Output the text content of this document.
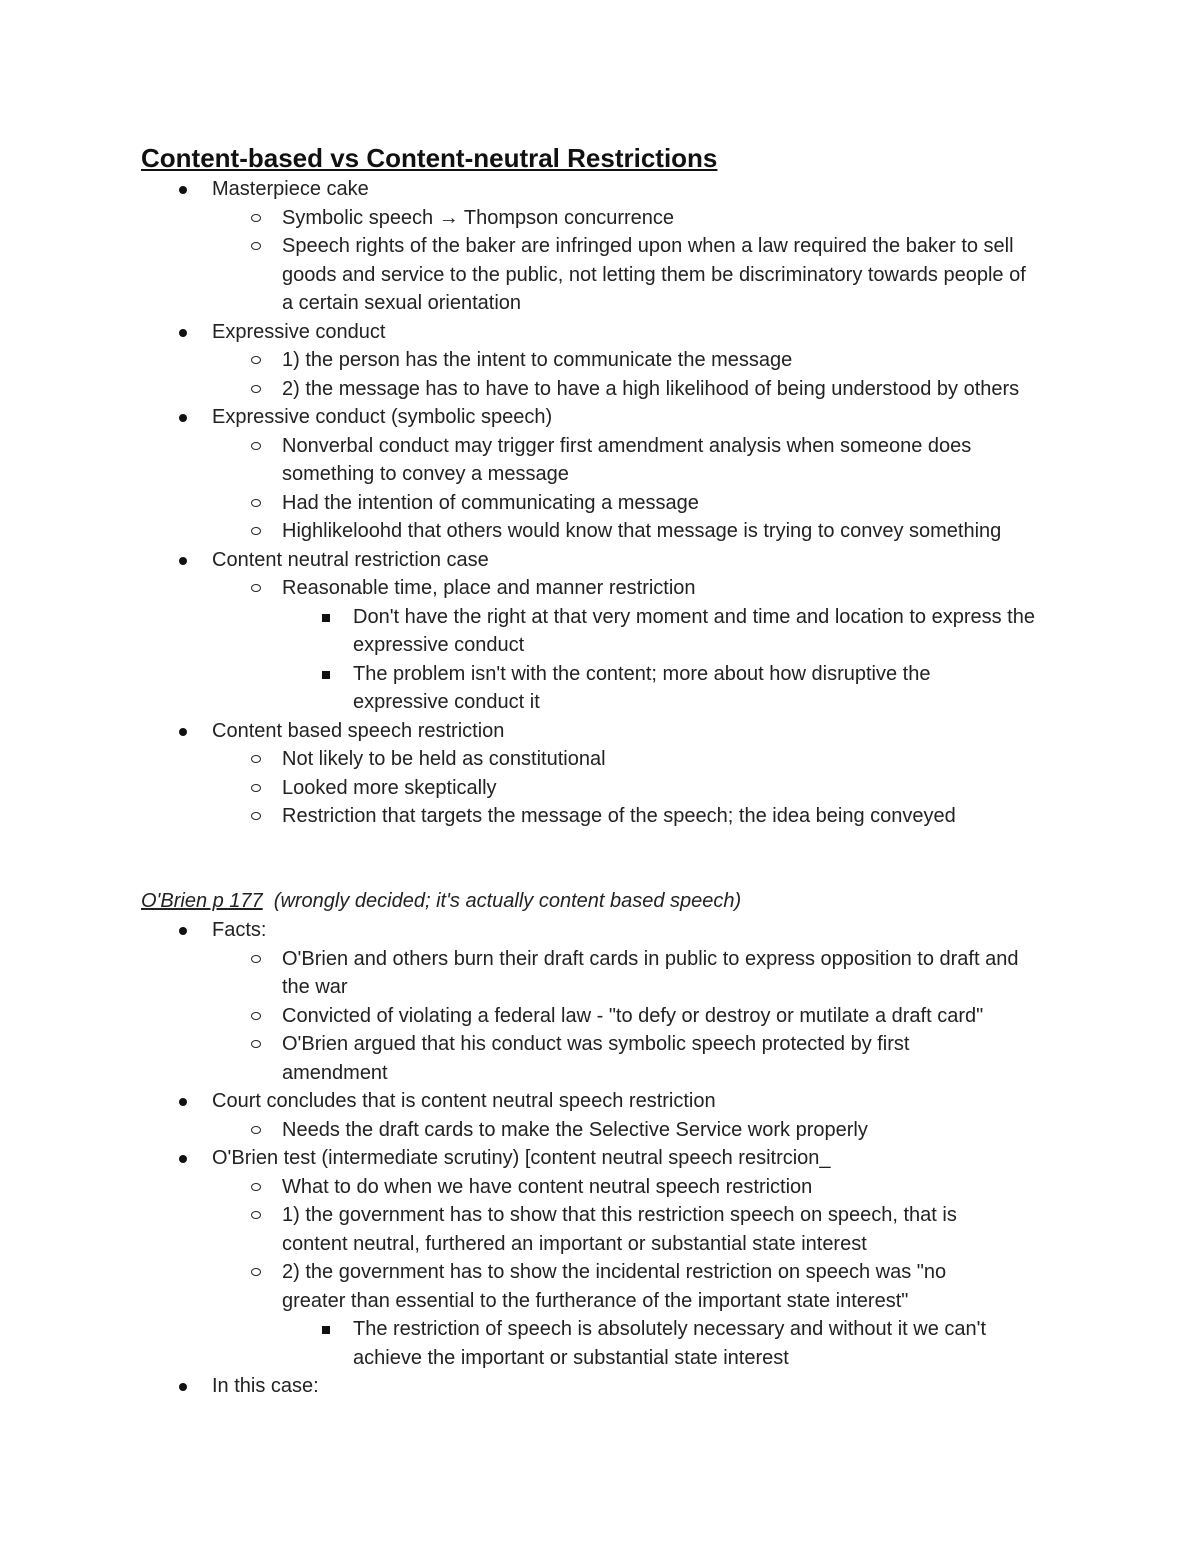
Content-based vs Content-neutral Restrictions
Masterpiece cake
Symbolic speech → Thompson concurrence
Speech rights of the baker are infringed upon when a law required the baker to sell goods and service to the public, not letting them be discriminatory towards people of a certain sexual orientation
Expressive conduct
1) the person has the intent to communicate the message
2) the message has to have to have a high likelihood of being understood by others
Expressive conduct (symbolic speech)
Nonverbal conduct may trigger first amendment analysis when someone does something to convey a message
Had the intention of communicating a message
Highlikeloohd that others would know that message is trying to convey something
Content neutral restriction case
Reasonable time, place and manner restriction
Don't have the right at that very moment and time and location to express the expressive conduct
The problem isn't with the content; more about how disruptive the expressive conduct it
Content based speech restriction
Not likely to be held as constitutional
Looked more skeptically
Restriction that targets the message of the speech; the idea being conveyed

O'Brien p 177 (wrongly decided; it's actually content based speech)

Facts:
O'Brien and others burn their draft cards in public to express opposition to draft and the war
Convicted of violating a federal law - "to defy or destroy or mutilate a draft card"
O'Brien argued that his conduct was symbolic speech protected by first amendment
Court concludes that is content neutral speech restriction
Needs the draft cards to make the Selective Service work properly
O'Brien test (intermediate scrutiny) [content neutral speech resitrcion_
What to do when we have content neutral speech restriction
1) the government has to show that this restriction speech on speech, that is content neutral, furthered an important or substantial state interest
2) the government has to show the incidental restriction on speech was "no greater than essential to the furtherance of the important state interest"
The restriction of speech is absolutely necessary and without it we can't achieve the important or substantial state interest
In this case:
